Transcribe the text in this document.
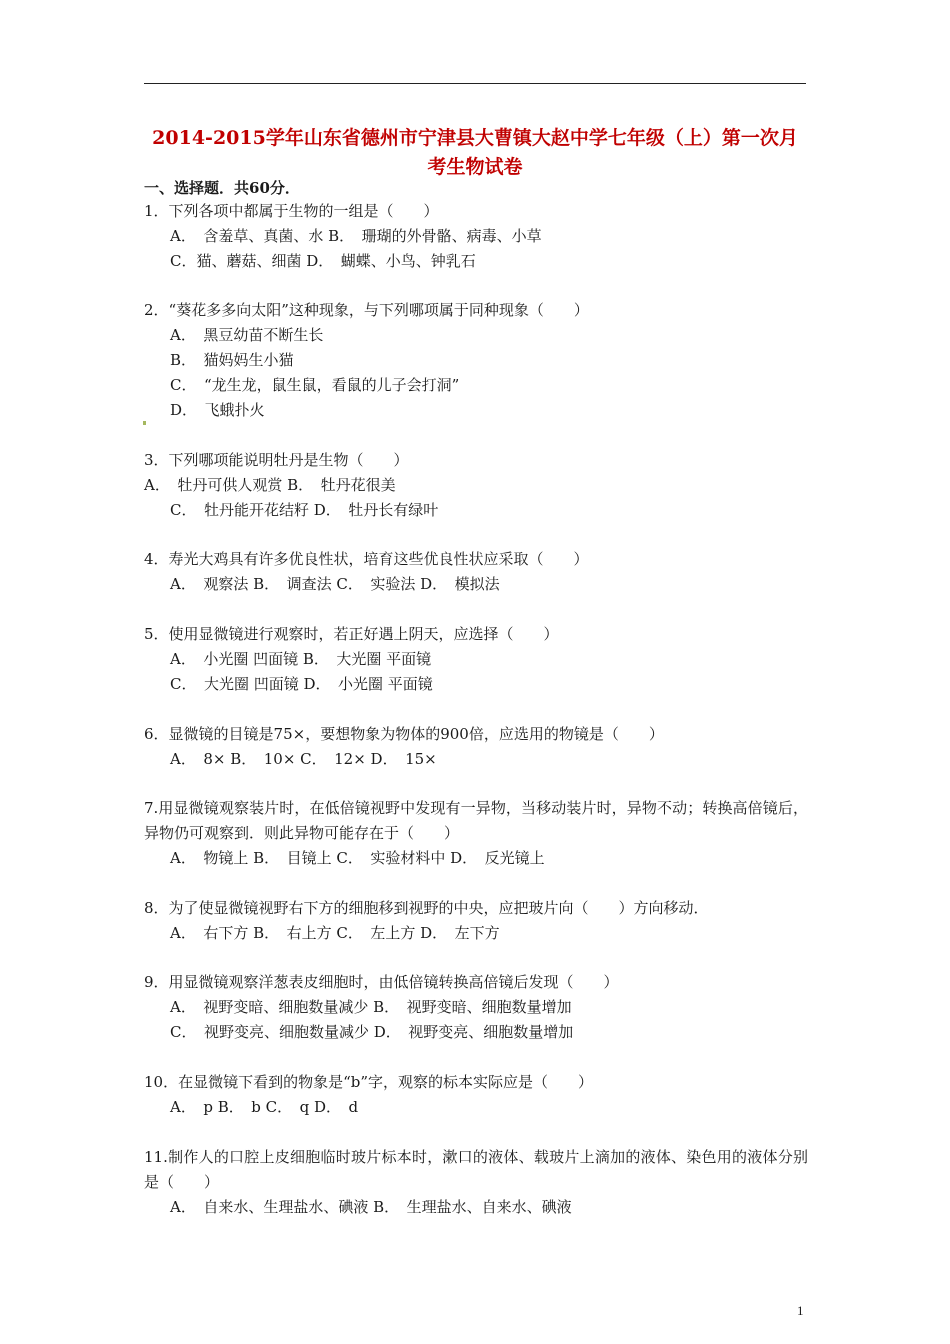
2014-2015学年山东省德州市宁津县大曹镇大赵中学七年级（上）第一次月考生物试卷
一、选择题．共60分．
1．下列各项中都属于生物的一组是（　　）
A．　含羞草、真菌、水 B．　珊瑚的外骨骼、病毒、小草
C．猫、蘑菇、细菌 D．　蝴蝶、小鸟、钟乳石
2．“葵花多多向太阳”这种现象，与下列哪项属于同种现象（　　）
A．　黑豆幼苗不断生长
B．　猫妈妈生小猫
C．　“龙生龙，鼠生鼠，看鼠的儿子会打洞”
D．　飞蛾扑火
3．下列哪项能说明牡丹是生物（　　）
A．　牡丹可供人观赏 B．　牡丹花很美
C．　牡丹能开花结籽 D．　牡丹长有绿叶
4．寿光大鸡具有许多优良性状，培育这些优良性状应采取（　　）
A．　观察法 B．　调查法 C．　实验法 D．　模拟法
5．使用显微镜进行观察时，若正好遇上阴天，应选择（　　）
A．　小光圈 凹面镜 B．　大光圈 平面镜
C．　大光圈 凹面镜 D．　小光圈 平面镜
6．显微镜的目镜是75×，要想物象为物体的900倍，应选用的物镜是（　　）
A．　8× B．　10× C．　12× D．　15×
7.用显微镜观察装片时，在低倍镜视野中发现有一异物，当移动装片时，异物不动；转换高倍镜后，异物仍可观察到．则此异物可能存在于（　　）
A．　物镜上 B．　目镜上 C．　实验材料中 D．　反光镜上
8．为了使显微镜视野右下方的细胞移到视野的中央，应把玻片向（　　）方向移动．
A．　右下方 B．　右上方 C．　左上方 D．　左下方
9．用显微镜观察洋葱表皮细胞时，由低倍镜转换高倍镜后发现（　　）
A．　视野变暗、细胞数量减少 B．　视野变暗、细胞数量增加
C．　视野变亮、细胞数量减少 D．　视野变亮、细胞数量增加
10．在显微镜下看到的物象是“b”字，观察的标本实际应是（　　）
A．　p B．　b C．　q D．　d
11.制作人的口腔上皮细胞临时玻片标本时，漱口的液体、载玻片上滴加的液体、染色用的液体分别是（　　）
A．　自来水、生理盐水、碘液 B．　生理盐水、自来水、碘液
1
